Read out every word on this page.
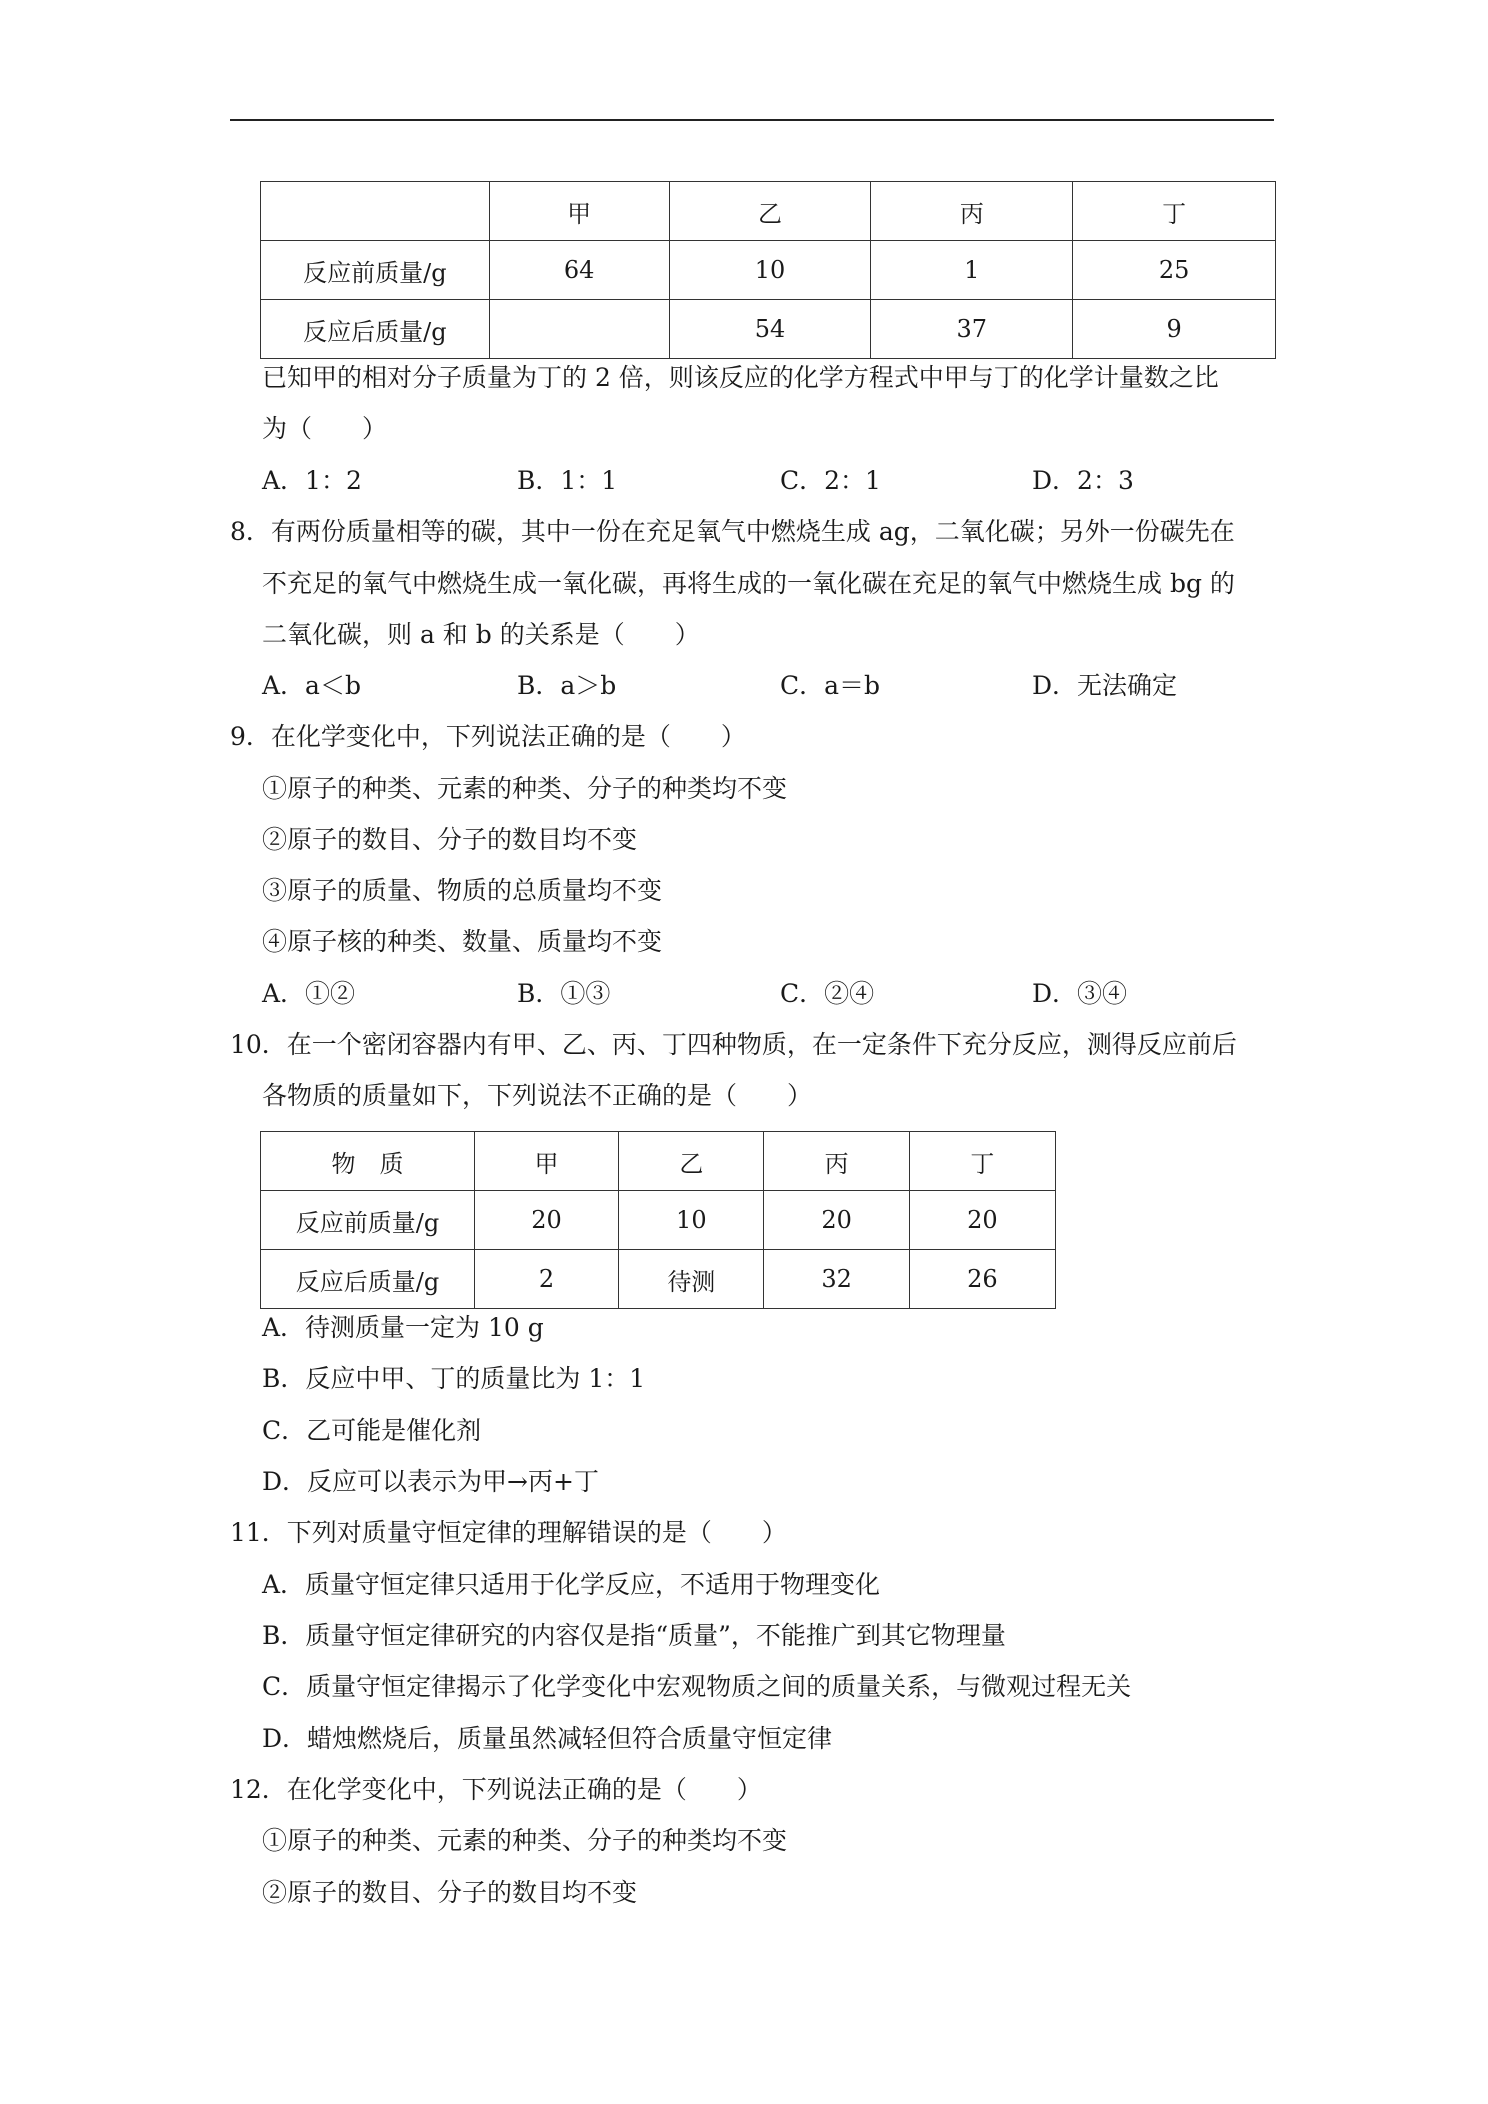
	甲	乙	丙	丁
反应前质量/g	64	10	1	25
反应后质量/g		54	37	9
已知甲的相对分子质量为丁的 2 倍，则该反应的化学方程式中甲与丁的化学计量数之比
为（　　）
A．1：2	B．1：1	C．2：1	D．2：3
8．有两份质量相等的碳，其中一份在充足氧气中燃烧生成 ag，二氧化碳；另外一份碳先在
不充足的氧气中燃烧生成一氧化碳，再将生成的一氧化碳在充足的氧气中燃烧生成 bg 的
二氧化碳，则 a 和 b 的关系是（　　）
A．a＜b	B．a＞b	C．a＝b	D．无法确定
9．在化学变化中，下列说法正确的是（　　）
①原子的种类、元素的种类、分子的种类均不变
②原子的数目、分子的数目均不变
③原子的质量、物质的总质量均不变
④原子核的种类、数量、质量均不变
A．①②	B．①③	C．②④	D．③④
10．在一个密闭容器内有甲、乙、丙、丁四种物质，在一定条件下充分反应，测得反应前后
各物质的质量如下，下列说法不正确的是（　　）
物　质	甲	乙	丙	丁
反应前质量/g	20	10	20	20
反应后质量/g	2	待测	32	26
A．待测质量一定为 10 g
B．反应中甲、丁的质量比为 1：1
C．乙可能是催化剂
D．反应可以表示为甲→丙+丁
11．下列对质量守恒定律的理解错误的是（　　）
A．质量守恒定律只适用于化学反应，不适用于物理变化
B．质量守恒定律研究的内容仅是指“质量”，不能推广到其它物理量
C．质量守恒定律揭示了化学变化中宏观物质之间的质量关系，与微观过程无关
D．蜡烛燃烧后，质量虽然减轻但符合质量守恒定律
12．在化学变化中，下列说法正确的是（　　）
①原子的种类、元素的种类、分子的种类均不变
②原子的数目、分子的数目均不变
